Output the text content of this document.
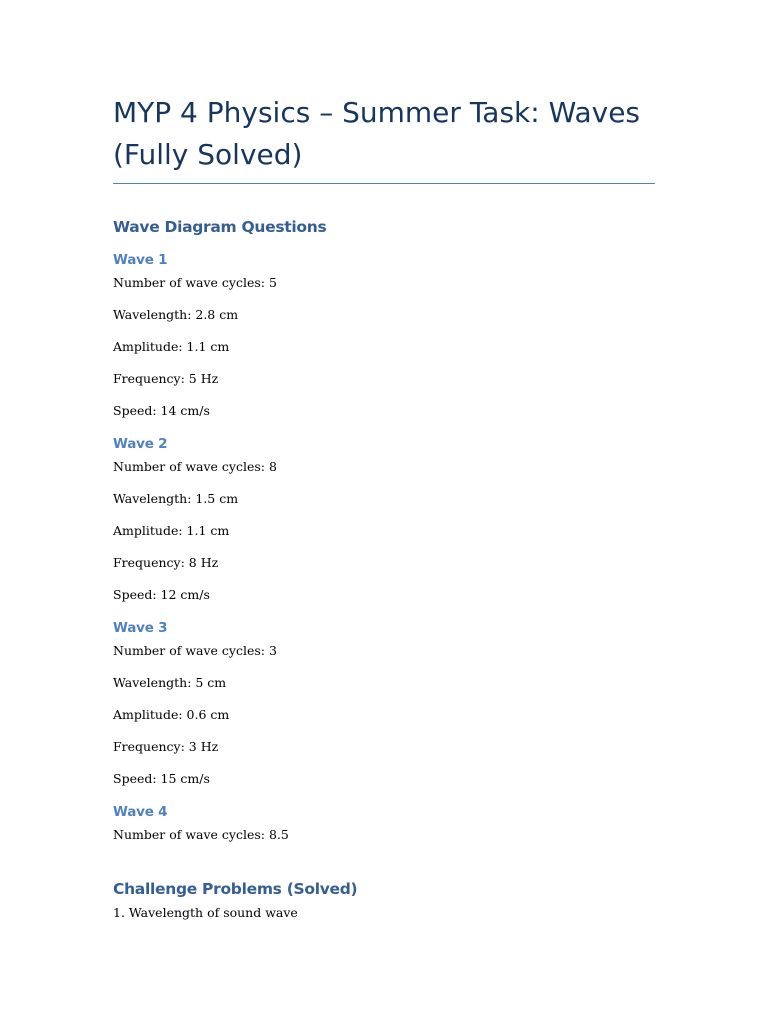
MYP 4 Physics – Summer Task: Waves (Fully Solved)
Wave Diagram Questions
Wave 1

Number of wave cycles: 5

Wavelength: 2.8 cm

Amplitude: 1.1 cm

Frequency: 5 Hz

Speed: 14 cm/s

Wave 2

Number of wave cycles: 8

Wavelength: 1.5 cm

Amplitude: 1.1 cm

Frequency: 8 Hz

Speed: 12 cm/s

Wave 3

Number of wave cycles: 3

Wavelength: 5 cm

Amplitude: 0.6 cm

Frequency: 3 Hz

Speed: 15 cm/s

Wave 4

Number of wave cycles: 8.5

Challenge Problems (Solved)

1. Wavelength of sound wave
